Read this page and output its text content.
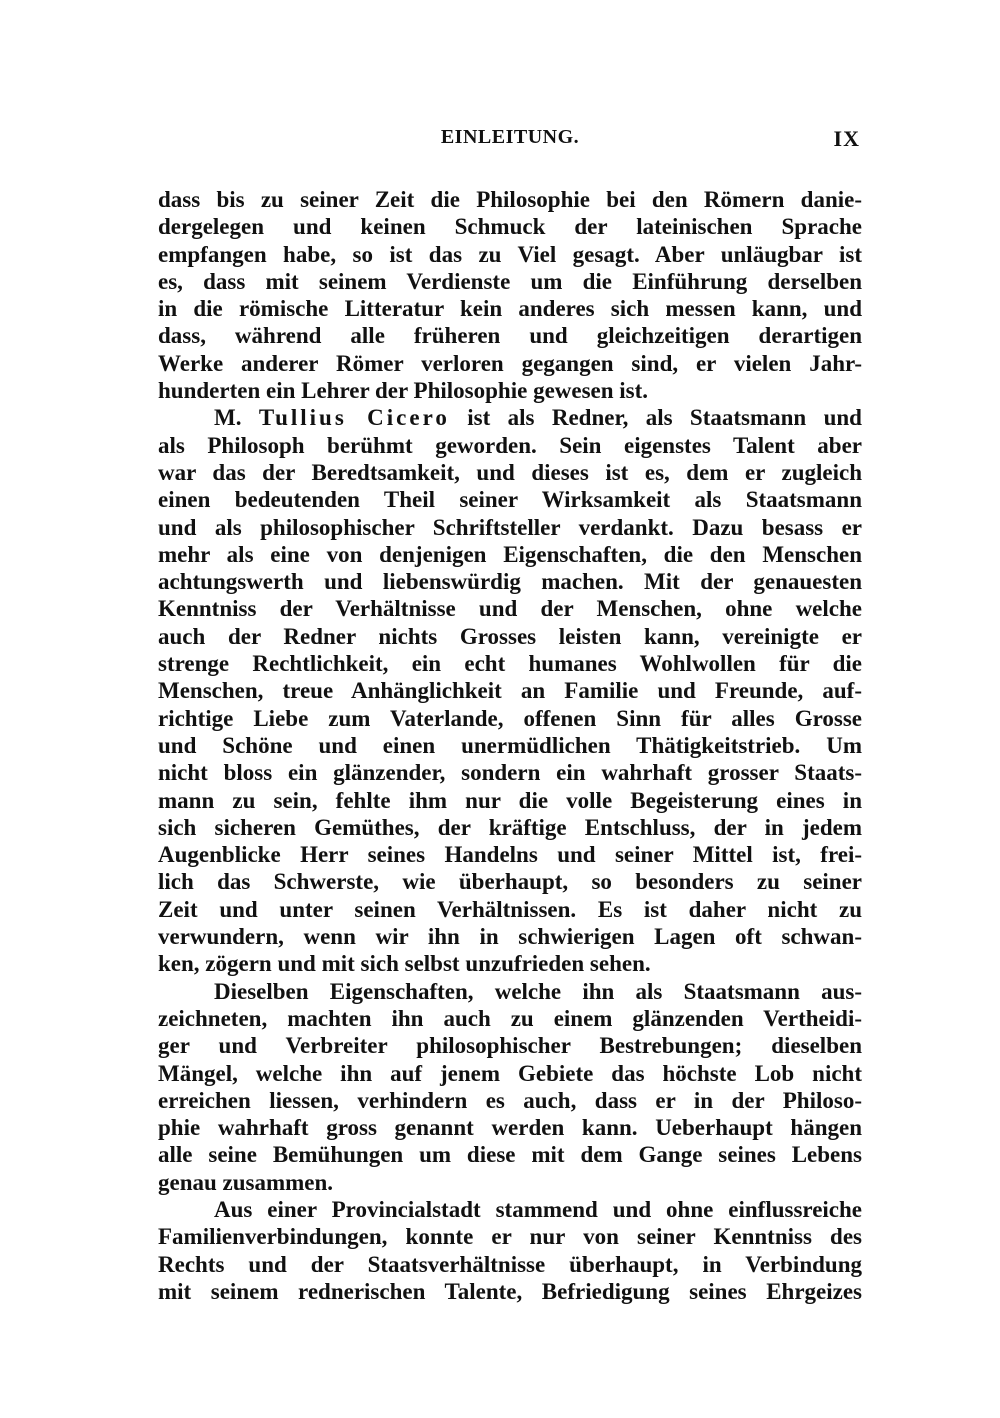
EINLEITUNG.	IX
dass bis zu seiner Zeit die Philosophie bei den Römern danie-
dergelegen und keinen Schmuck der lateinischen Sprache
empfangen habe, so ist das zu Viel gesagt. Aber unläugbar ist
es, dass mit seinem Verdienste um die Einführung derselben
in die römische Litteratur kein anderes sich messen kann, und
dass, während alle früheren und gleichzeitigen derartigen
Werke anderer Römer verloren gegangen sind, er vielen Jahr-
hunderten ein Lehrer der Philosophie gewesen ist.
M. Tullius Cicero ist als Redner, als Staatsmann und
als Philosoph berühmt geworden. Sein eigenstes Talent aber
war das der Beredtsamkeit, und dieses ist es, dem er zugleich
einen bedeutenden Theil seiner Wirksamkeit als Staatsmann
und als philosophischer Schriftsteller verdankt. Dazu besass er
mehr als eine von denjenigen Eigenschaften, die den Menschen
achtungswerth und liebenswürdig machen. Mit der genauesten
Kenntniss der Verhältnisse und der Menschen, ohne welche
auch der Redner nichts Grosses leisten kann, vereinigte er
strenge Rechtlichkeit, ein echt humanes Wohlwollen für die
Menschen, treue Anhänglichkeit an Familie und Freunde, auf-
richtige Liebe zum Vaterlande, offenen Sinn für alles Grosse
und Schöne und einen unermüdlichen Thätigkeitstrieb. Um
nicht bloss ein glänzender, sondern ein wahrhaft grosser Staats-
mann zu sein, fehlte ihm nur die volle Begeisterung eines in
sich sicheren Gemüthes, der kräftige Entschluss, der in jedem
Augenblicke Herr seines Handelns und seiner Mittel ist, frei-
lich das Schwerste, wie überhaupt, so besonders zu seiner
Zeit und unter seinen Verhältnissen. Es ist daher nicht zu
verwundern, wenn wir ihn in schwierigen Lagen oft schwan-
ken, zögern und mit sich selbst unzufrieden sehen.
Dieselben Eigenschaften, welche ihn als Staatsmann aus-
zeichneten, machten ihn auch zu einem glänzenden Vertheidi-
ger und Verbreiter philosophischer Bestrebungen; dieselben
Mängel, welche ihn auf jenem Gebiete das höchste Lob nicht
erreichen liessen, verhindern es auch, dass er in der Philoso-
phie wahrhaft gross genannt werden kann. Ueberhaupt hängen
alle seine Bemühungen um diese mit dem Gange seines Lebens
genau zusammen.
Aus einer Provincialstadt stammend und ohne einflussreiche
Familienverbindungen, konnte er nur von seiner Kenntniss des
Rechts und der Staatsverhältnisse überhaupt, in Verbindung
mit seinem rednerischen Talente, Befriedigung seines Ehrgeizes
